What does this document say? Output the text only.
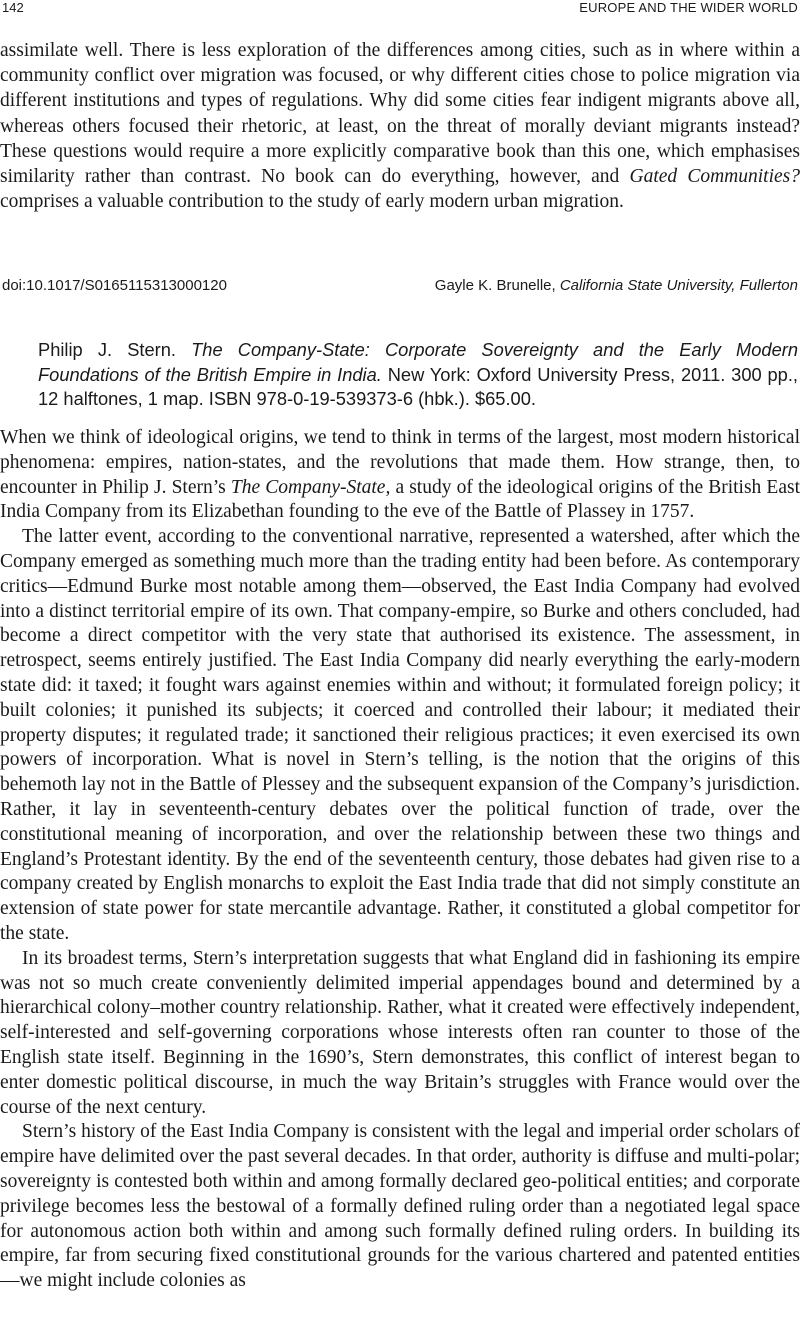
142	EUROPE AND THE WIDER WORLD

assimilate well. There is less exploration of the differences among cities, such as in where within a community conflict over migration was focused, or why different cities chose to police migration via different institutions and types of regulations. Why did some cities fear indigent migrants above all, whereas others focused their rhetoric, at least, on the threat of morally deviant migrants instead? These questions would require a more explicitly comparative book than this one, which emphasises similarity rather than contrast. No book can do everything, however, and Gated Communities? comprises a valuable contribution to the study of early modern urban migration.

doi:10.1017/S0165115313000120	Gayle K. Brunelle, California State University, Fullerton

Philip J. Stern. The Company-State: Corporate Sovereignty and the Early Modern Foundations of the British Empire in India. New York: Oxford University Press, 2011. 300 pp., 12 halftones, 1 map. ISBN 978-0-19-539373-6 (hbk.). $65.00.

When we think of ideological origins, we tend to think in terms of the largest, most modern historical phenomena: empires, nation-states, and the revolutions that made them. How strange, then, to encounter in Philip J. Stern’s The Company-State, a study of the ideological origins of the British East India Company from its Elizabethan founding to the eve of the Battle of Plassey in 1757.

The latter event, according to the conventional narrative, represented a watershed, after which the Company emerged as something much more than the trading entity had been before. As contemporary critics—Edmund Burke most notable among them—observed, the East India Company had evolved into a distinct territorial empire of its own. That company-empire, so Burke and others concluded, had become a direct competitor with the very state that authorised its existence. The assessment, in retrospect, seems entirely justified. The East India Company did nearly everything the early-modern state did: it taxed; it fought wars against enemies within and without; it formulated foreign policy; it built colonies; it punished its subjects; it coerced and controlled their labour; it mediated their property disputes; it regulated trade; it sanctioned their religious practices; it even exercised its own powers of incorporation. What is novel in Stern’s telling, is the notion that the origins of this behemoth lay not in the Battle of Plessey and the subsequent expansion of the Company’s jurisdiction. Rather, it lay in seventeenth-century debates over the political function of trade, over the constitutional meaning of incorporation, and over the relationship between these two things and England’s Protestant identity. By the end of the seventeenth century, those debates had given rise to a company created by English monarchs to exploit the East India trade that did not simply constitute an extension of state power for state mercantile advantage. Rather, it constituted a global competitor for the state.

In its broadest terms, Stern’s interpretation suggests that what England did in fashioning its empire was not so much create conveniently delimited imperial appendages bound and determined by a hierarchical colony–mother country relationship. Rather, what it created were effectively independent, self-interested and self-governing corporations whose interests often ran counter to those of the English state itself. Beginning in the 1690’s, Stern demonstrates, this conflict of interest began to enter domestic political discourse, in much the way Britain’s struggles with France would over the course of the next century.

Stern’s history of the East India Company is consistent with the legal and imperial order scholars of empire have delimited over the past several decades. In that order, authority is diffuse and multi-polar; sovereignty is contested both within and among formally declared geo-political entities; and corporate privilege becomes less the bestowal of a formally defined ruling order than a negotiated legal space for autonomous action both within and among such formally defined ruling orders. In building its empire, far from securing fixed constitutional grounds for the various chartered and patented entities—we might include colonies as
